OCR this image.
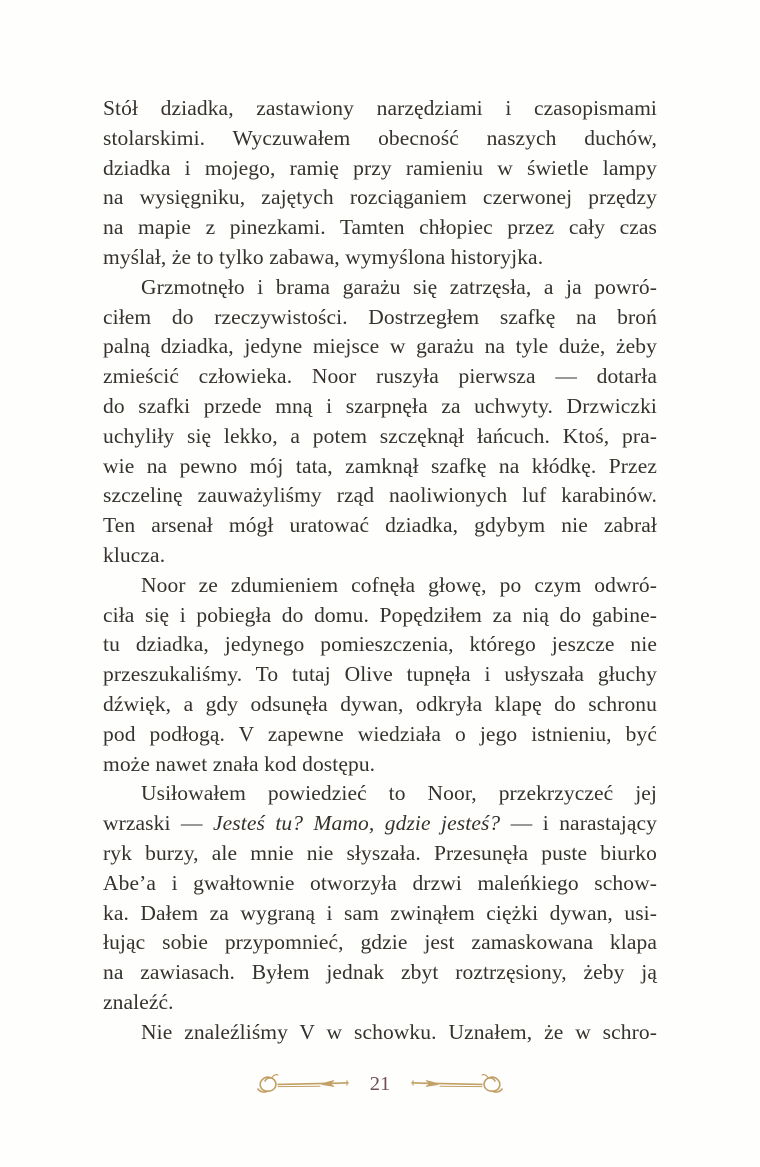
Stół dziadka, zastawiony narzędziami i czasopismami
stolarskimi. Wyczuwałem obecność naszych duchów,
dziadka i mojego, ramię przy ramieniu w świetle lampy
na wysięgniku, zajętych rozciąganiem czerwonej przędzy
na mapie z pinezkami. Tamten chłopiec przez cały czas
myślał, że to tylko zabawa, wymyślona historyjka.
Grzmotnęło i brama garażu się zatrzęsła, a ja powró-
ciłem do rzeczywistości. Dostrzegłem szafkę na broń
palną dziadka, jedyne miejsce w garażu na tyle duże, żeby
zmieścić człowieka. Noor ruszyła pierwsza — dotarła
do szafki przede mną i szarpnęła za uchwyty. Drzwiczki
uchyliły się lekko, a potem szczęknął łańcuch. Ktoś, pra-
wie na pewno mój tata, zamknął szafkę na kłódkę. Przez
szczelinę zauważyliśmy rząd naoliwionych luf karabinów.
Ten arsenał mógł uratować dziadka, gdybym nie zabrał
klucza.
Noor ze zdumieniem cofnęła głowę, po czym odwró-
ciła się i pobiegła do domu. Popędziłem za nią do gabine-
tu dziadka, jedynego pomieszczenia, którego jeszcze nie
przeszukaliśmy. To tutaj Olive tupnęła i usłyszała głuchy
dźwięk, a gdy odsunęła dywan, odkryła klapę do schronu
pod podłogą. V zapewne wiedziała o jego istnieniu, być
może nawet znała kod dostępu.
Usiłowałem powiedzieć to Noor, przekrzyczeć jej
wrzaski — Jesteś tu? Mamo, gdzie jesteś? — i narastający
ryk burzy, ale mnie nie słyszała. Przesunęła puste biurko
Abe’a i gwałtownie otworzyła drzwi maleńkiego schow-
ka. Dałem za wygraną i sam zwinąłem ciężki dywan, usi-
łując sobie przypomnieć, gdzie jest zamaskowana klapa
na zawiasach. Byłem jednak zbyt roztrzęsiony, żeby ją
znaleźć.
Nie znaleźliśmy V w schowku. Uznałem, że w schro-
21
